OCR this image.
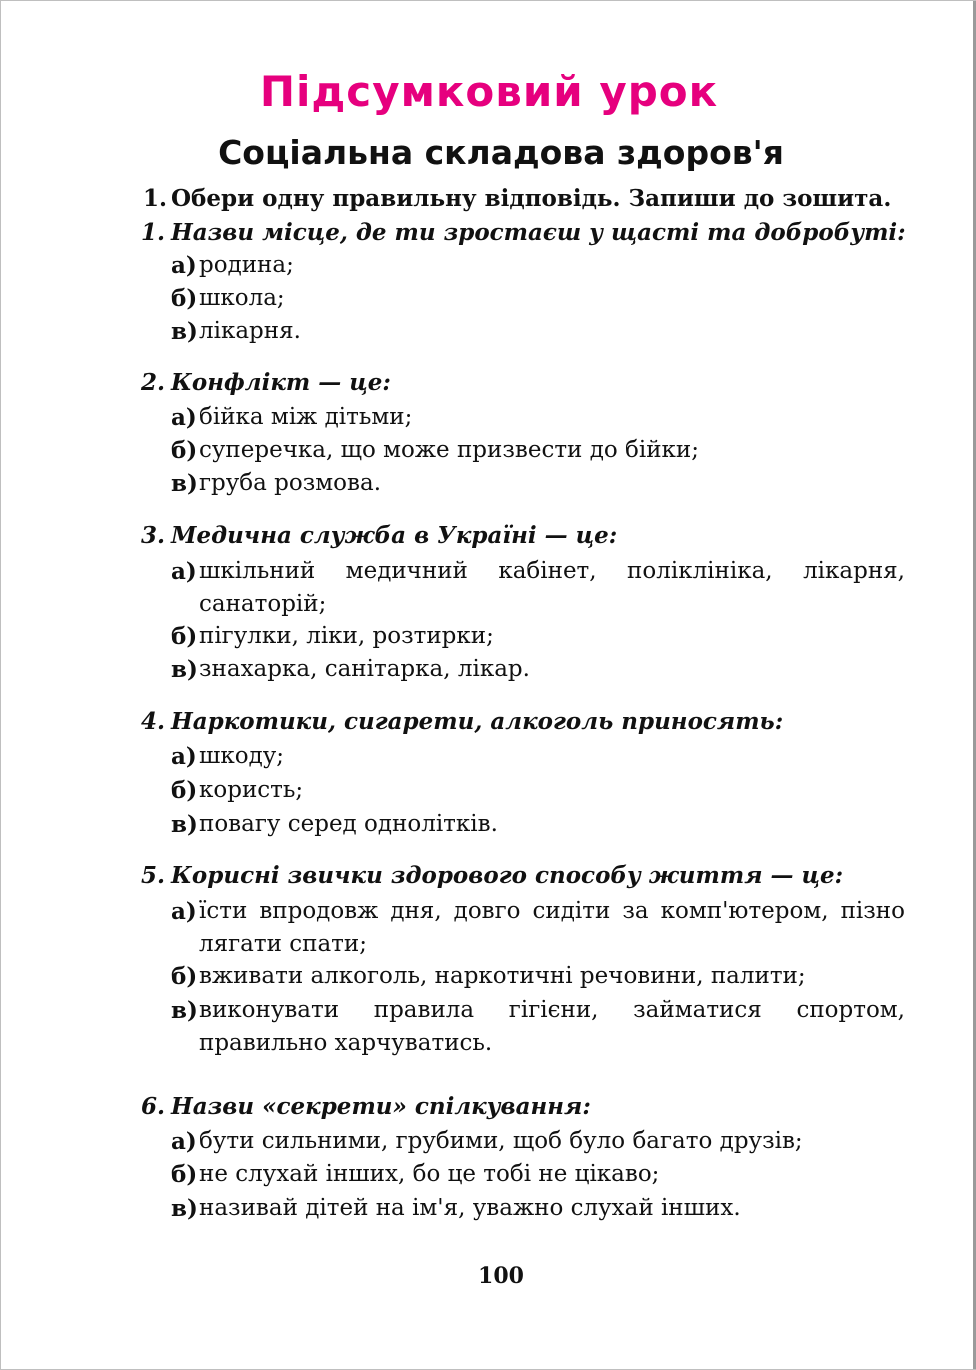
Підсумковий урок
Соціальна складова здоров'я
1. Обери одну правильну відповідь. Запиши до зошита.
1. Назви місце, де ти зростаєш у щасті та добробуті:
а) родина;
б) школа;
в) лікарня.
2. Конфлікт — це:
а) бійка між дітьми;
б) суперечка, що може призвести до бійки;
в) груба розмова.
3. Медична служба в Україні — це:
а) шкільний медичний кабінет, поліклініка, лікарня, санаторій;
б) пігулки, ліки, розтирки;
в) знахарка, санітарка, лікар.
4. Наркотики, сигарети, алкоголь приносять:
а) шкоду;
б) користь;
в) повагу серед однолітків.
5. Корисні звички здорового способу життя — це:
а) їсти впродовж дня, довго сидіти за комп'ютером, пізно лягати спати;
б) вживати алкоголь, наркотичні речовини, палити;
в) виконувати правила гігієни, займатися спортом, правильно харчуватись.
6. Назви «секрети» спілкування:
а) бути сильними, грубими, щоб було багато друзів;
б) не слухай інших, бо це тобі не цікаво;
в) називай дітей на ім'я, уважно слухай інших.
100
